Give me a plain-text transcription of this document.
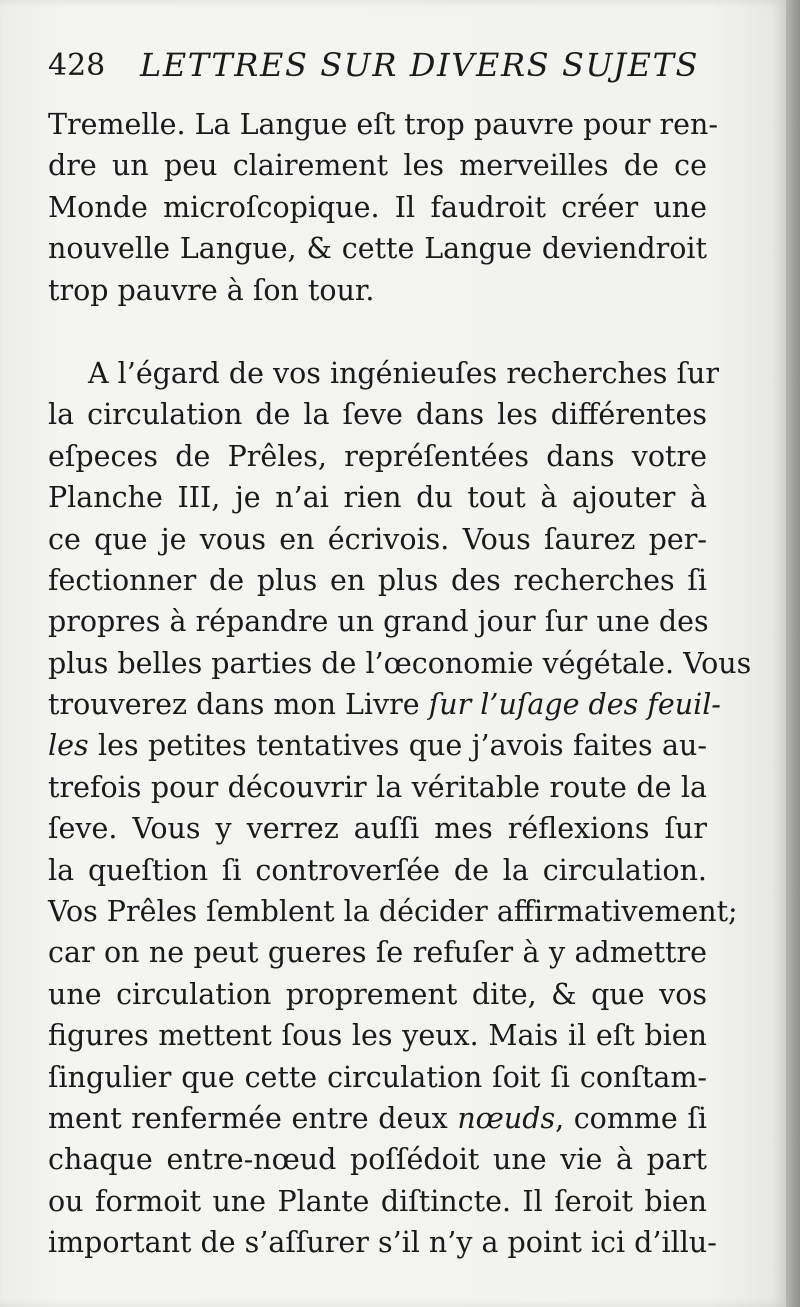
428 LETTRES SUR DIVERS SUJETS
Tremelle. La Langue eſt trop pauvre pour ren-
dre un peu clairement les merveilles de ce
Monde microſcopique. Il faudroit créer une
nouvelle Langue, & cette Langue deviendroit
trop pauvre à ſon tour.
A l’égard de vos ingénieuſes recherches ſur
la circulation de la ſeve dans les différentes
eſpeces de Prêles, repréſentées dans votre
Planche III, je n’ai rien du tout à ajouter à
ce que je vous en écrivois. Vous ſaurez per-
fectionner de plus en plus des recherches ſi
propres à répandre un grand jour ſur une des
plus belles parties de l’œconomie végétale. Vous
trouverez dans mon Livre ſur l’uſage des feuil-
les les petites tentatives que j’avois faites au-
trefois pour découvrir la véritable route de la
ſeve. Vous y verrez auſſi mes réflexions ſur
la queſtion ſi controverſée de la circulation.
Vos Prêles ſemblent la décider affirmativement;
car on ne peut gueres ſe refuſer à y admettre
une circulation proprement dite, & que vos
figures mettent ſous les yeux. Mais il eſt bien
ſingulier que cette circulation ſoit ſi conſtam-
ment renfermée entre deux nœuds, comme ſi
chaque entre-nœud poſſédoit une vie à part
ou formoit une Plante diſtincte. Il ſeroit bien
important de s’aſſurer s’il n’y a point ici d’illu-
